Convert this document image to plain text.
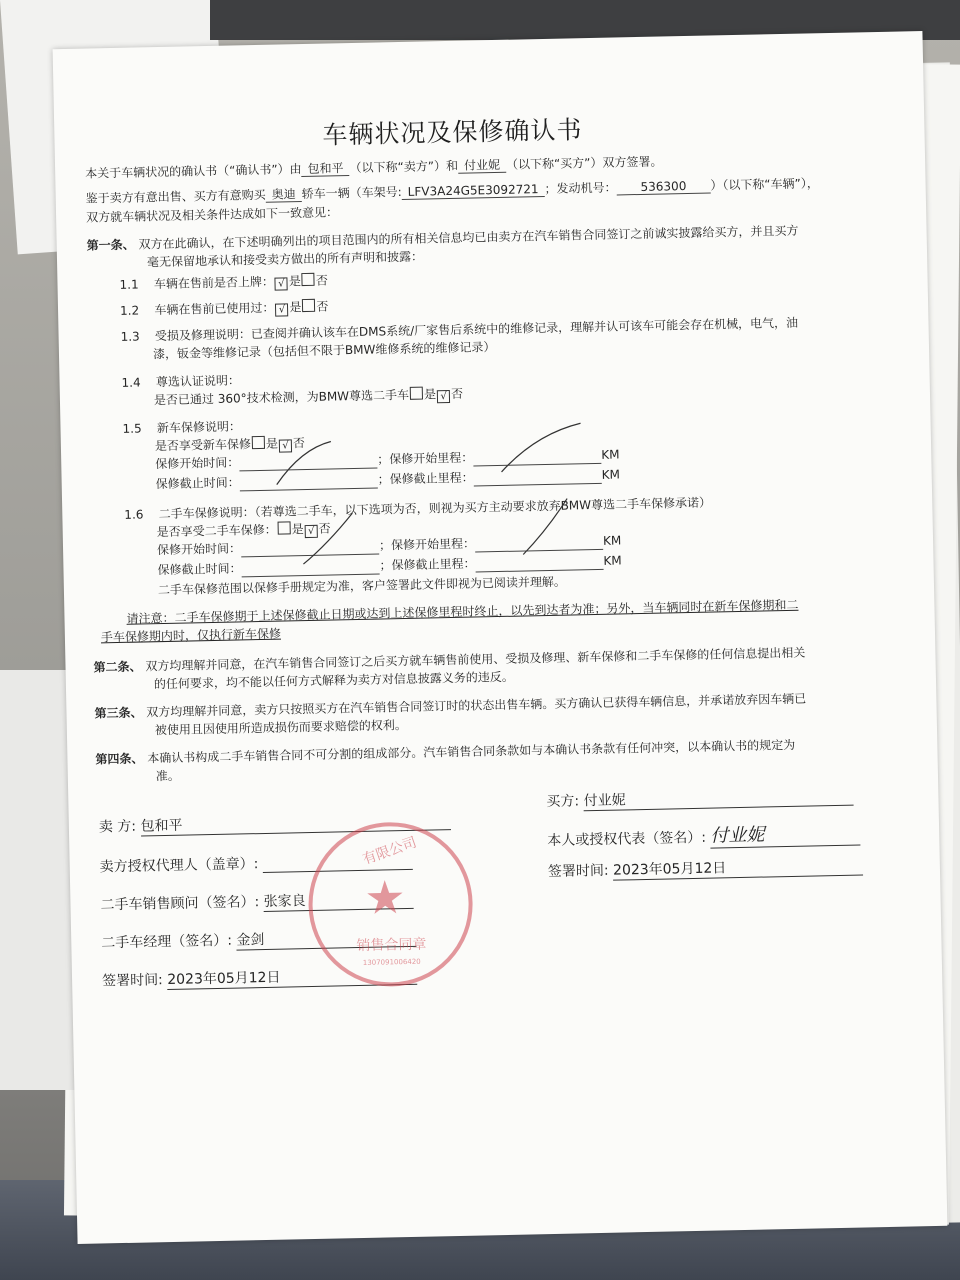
车辆状况及保修确认书
本关于车辆状况的确认书（“确认书”）由 包和平 （以下称“卖方”）和 付业妮 （以下称“买方”）双方签署。
鉴于卖方有意出售、买方有意购买 奥迪 轿车一辆（车架号: LFV3A24G5E3092721 ；发动机号： 536300 ）（以下称“车辆”），
双方就车辆状况及相关条件达成如下一致意见：
第一条、 双方在此确认，在下述明确列出的项目范围内的所有相关信息均已由卖方在汽车销售合同签订之前诚实披露给买方，并且买方
毫无保留地承认和接受卖方做出的所有声明和披露：
1.1 车辆在售前是否上牌： √ 是 否
1.2 车辆在售前已使用过： √ 是 否
1.3 受损及修理说明：已查阅并确认该车在DMS系统/厂家售后系统中的维修记录，理解并认可该车可能会存在机械，电气，油
漆，钣金等维修记录（包括但不限于BMW维修系统的维修记录）
1.4 尊选认证说明：
是否已通过 360°技术检测，为BMW尊选二手车 是 √ 否
1.5 新车保修说明：
是否享受新车保修 是 √ 否
保修开始时间：	；保修开始里程：	KM
保修截止时间：	；保修截止里程：	KM
1.6 二手车保修说明：（若尊选二手车，以下选项为否，则视为买方主动要求放弃BMW尊选二手车保修承诺）
是否享受二手车保修： 是 √ 否
保修开始时间：	；保修开始里程：	KM
保修截止时间：	；保修截止里程：	KM
二手车保修范围以保修手册规定为准，客户签署此文件即视为已阅读并理解。
请注意：二手车保修期于上述保修截止日期或达到上述保修里程时终止，以先到达者为准；另外，当车辆同时在新车保修期和二
手车保修期内时，仅执行新车保修
第二条、 双方均理解并同意，在汽车销售合同签订之后买方就车辆售前使用、受损及修理、新车保修和二手车保修的任何信息提出相关
的任何要求，均不能以任何方式解释为卖方对信息披露义务的违反。
第三条、 双方均理解并同意，卖方只按照买方在汽车销售合同签订时的状态出售车辆。买方确认已获得车辆信息，并承诺放弃因车辆已
被使用且因使用所造成损伤而要求赔偿的权利。
第四条、 本确认书构成二手车销售合同不可分割的组成部分。汽车销售合同条款如与本确认书条款有任何冲突，以本确认书的规定为
准。
卖 方: 包和平
卖方授权代理人（盖章）:
二手车销售顾问（签名）: 张家良
二手车经理（签名）: 金剑
签署时间: 2023年05月12日
买方: 付业妮
本人或授权代表（签名）: 付业妮
签署时间: 2023年05月12日
有限公司
★
销售合同章
1307091006420
